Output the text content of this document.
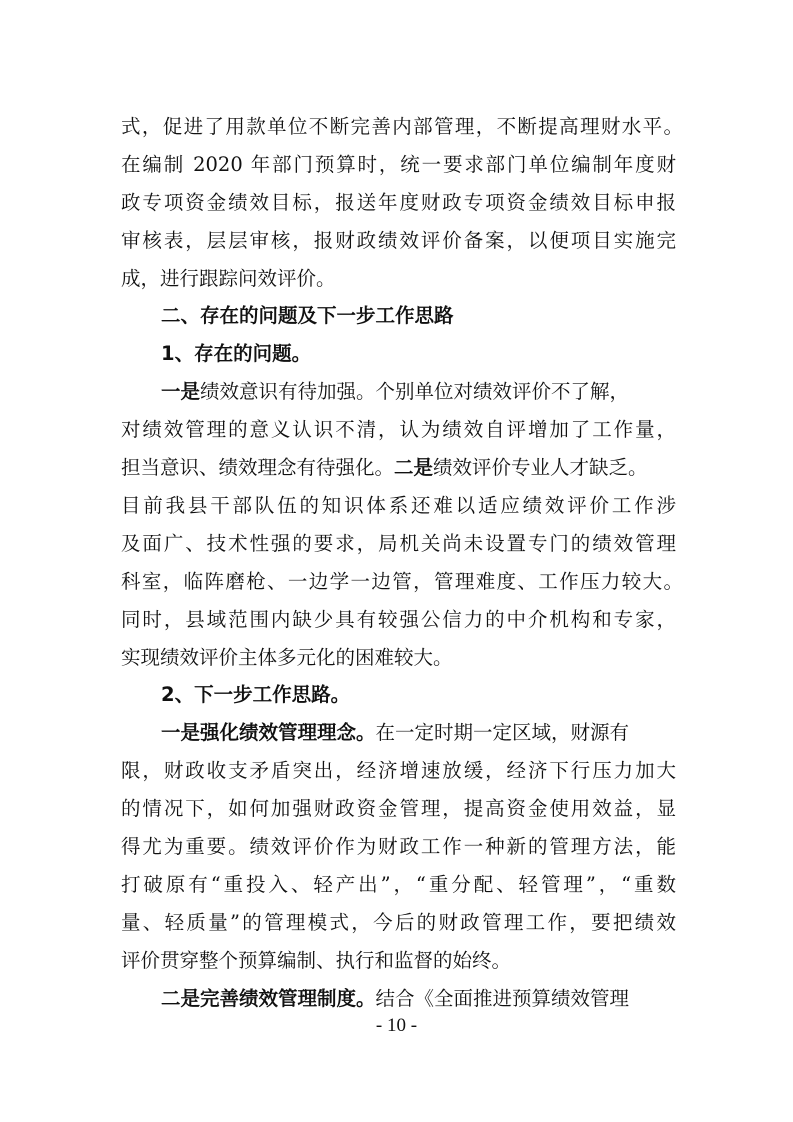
式，促进了用款单位不断完善内部管理，不断提高理财水平。
在编制 2020 年部门预算时，统一要求部门单位编制年度财
政专项资金绩效目标，报送年度财政专项资金绩效目标申报
审核表，层层审核，报财政绩效评价备案，以便项目实施完
成，进行跟踪问效评价。
二、存在的问题及下一步工作思路
1、存在的问题。
一是绩效意识有待加强。个别单位对绩效评价不了解，
对绩效管理的意义认识不清，认为绩效自评增加了工作量，
担当意识、绩效理念有待强化。二是绩效评价专业人才缺乏。
目前我县干部队伍的知识体系还难以适应绩效评价工作涉
及面广、技术性强的要求，局机关尚未设置专门的绩效管理
科室，临阵磨枪、一边学一边管，管理难度、工作压力较大。
同时，县域范围内缺少具有较强公信力的中介机构和专家，
实现绩效评价主体多元化的困难较大。
2、下一步工作思路。
一是强化绩效管理理念。在一定时期一定区域，财源有
限，财政收支矛盾突出，经济增速放缓，经济下行压力加大
的情况下，如何加强财政资金管理，提高资金使用效益，显
得尤为重要。绩效评价作为财政工作一种新的管理方法，能
打破原有“重投入、轻产出”，“重分配、轻管理”，“重数
量、轻质量”的管理模式，今后的财政管理工作，要把绩效
评价贯穿整个预算编制、执行和监督的始终。
二是完善绩效管理制度。结合《全面推进预算绩效管理
- 10 -
